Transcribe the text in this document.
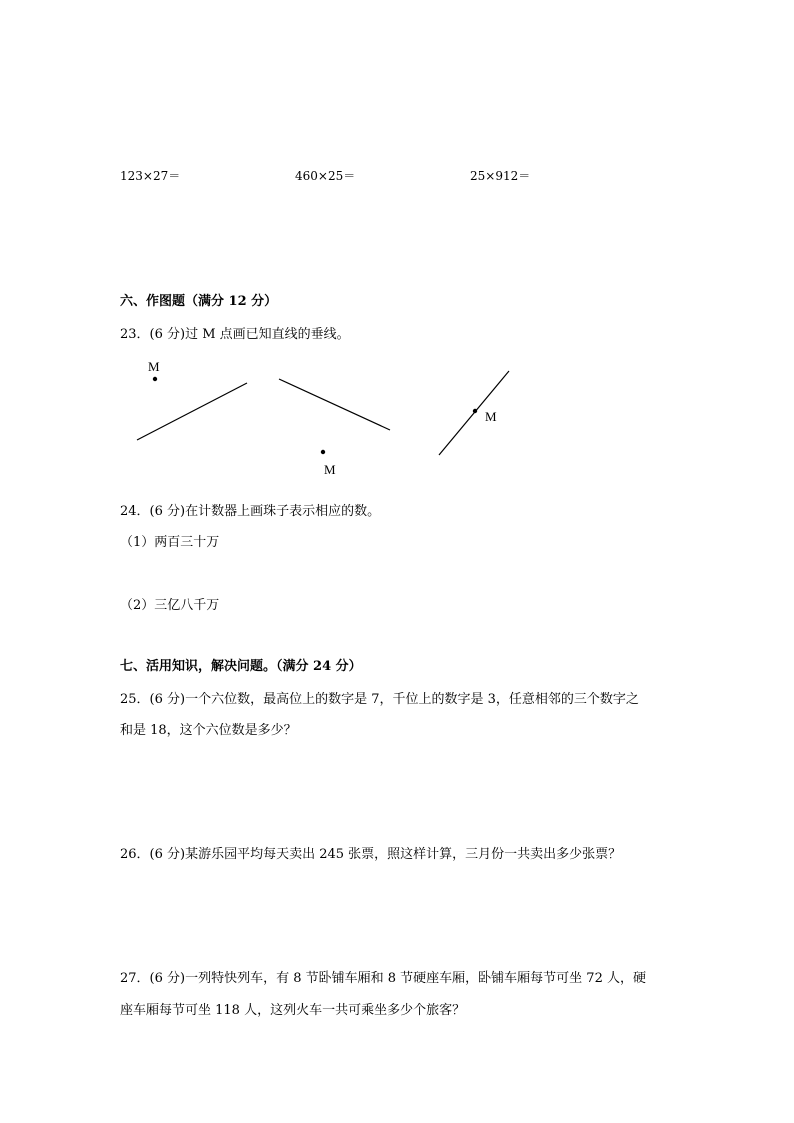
123×27＝	460×25＝	25×912＝
六、作图题（满分 12 分）
23．(6 分)过 M 点画已知直线的垂线。
M
M
M
24．(6 分)在计数器上画珠子表示相应的数。
（1）两百三十万
（2）三亿八千万
七、活用知识，解决问题。（满分 24 分）
25．(6 分)一个六位数，最高位上的数字是 7，千位上的数字是 3，任意相邻的三个数字之
和是 18，这个六位数是多少？
26．(6 分)某游乐园平均每天卖出 245 张票，照这样计算，三月份一共卖出多少张票？
27．(6 分)一列特快列车，有 8 节卧铺车厢和 8 节硬座车厢，卧铺车厢每节可坐 72 人，硬
座车厢每节可坐 118 人，这列火车一共可乘坐多少个旅客？
